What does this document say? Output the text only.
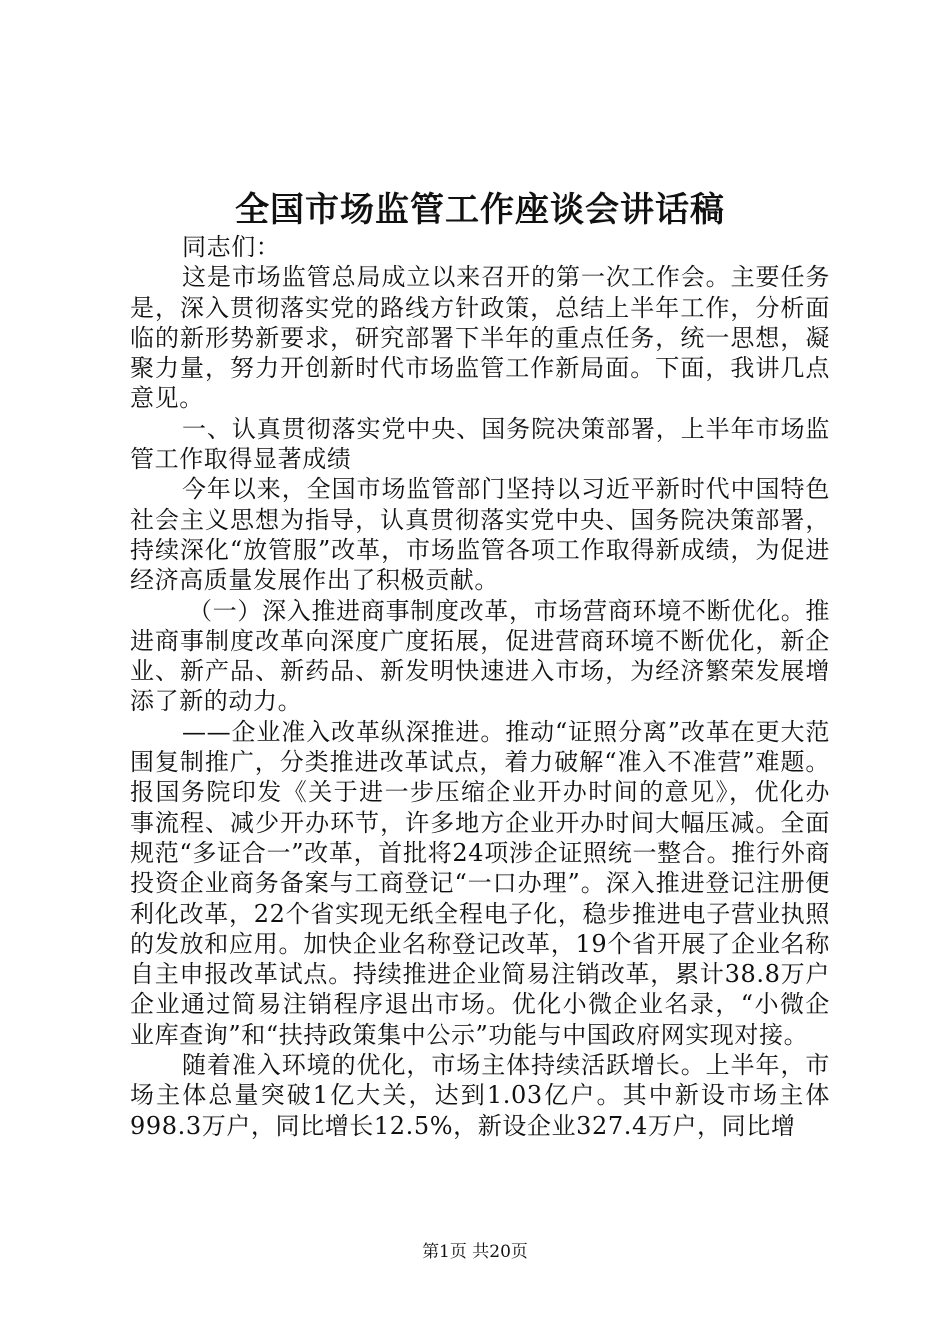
全国市场监管工作座谈会讲话稿

同志们：

这是市场监管总局成立以来召开的第一次工作会。主要任务是，深入贯彻落实党的路线方针政策，总结上半年工作，分析面临的新形势新要求，研究部署下半年的重点任务，统一思想，凝聚力量，努力开创新时代市场监管工作新局面。下面，我讲几点意见。

一、认真贯彻落实党中央、国务院决策部署，上半年市场监管工作取得显著成绩

今年以来，全国市场监管部门坚持以习近平新时代中国特色社会主义思想为指导，认真贯彻落实党中央、国务院决策部署，持续深化“放管服”改革，市场监管各项工作取得新成绩，为促进经济高质量发展作出了积极贡献。

（一）深入推进商事制度改革，市场营商环境不断优化。推进商事制度改革向深度广度拓展，促进营商环境不断优化，新企业、新产品、新药品、新发明快速进入市场，为经济繁荣发展增添了新的动力。

——企业准入改革纵深推进。推动“证照分离”改革在更大范围复制推广，分类推进改革试点，着力破解“准入不准营”难题。报国务院印发《关于进一步压缩企业开办时间的意见》，优化办事流程、减少开办环节，许多地方企业开办时间大幅压减。全面规范“多证合一”改革，首批将24项涉企证照统一整合。推行外商投资企业商务备案与工商登记“一口办理”。深入推进登记注册便利化改革，22个省实现无纸全程电子化，稳步推进电子营业执照的发放和应用。加快企业名称登记改革，19个省开展了企业名称自主申报改革试点。持续推进企业简易注销改革，累计38.8万户企业通过简易注销程序退出市场。优化小微企业名录，“小微企业库查询”和“扶持政策集中公示”功能与中国政府网实现对接。

随着准入环境的优化，市场主体持续活跃增长。上半年，市场主体总量突破1亿大关，达到1.03亿户。其中新设市场主体998.3万户，同比增长12.5%，新设企业327.4万户，同比增

第1页 共20页
